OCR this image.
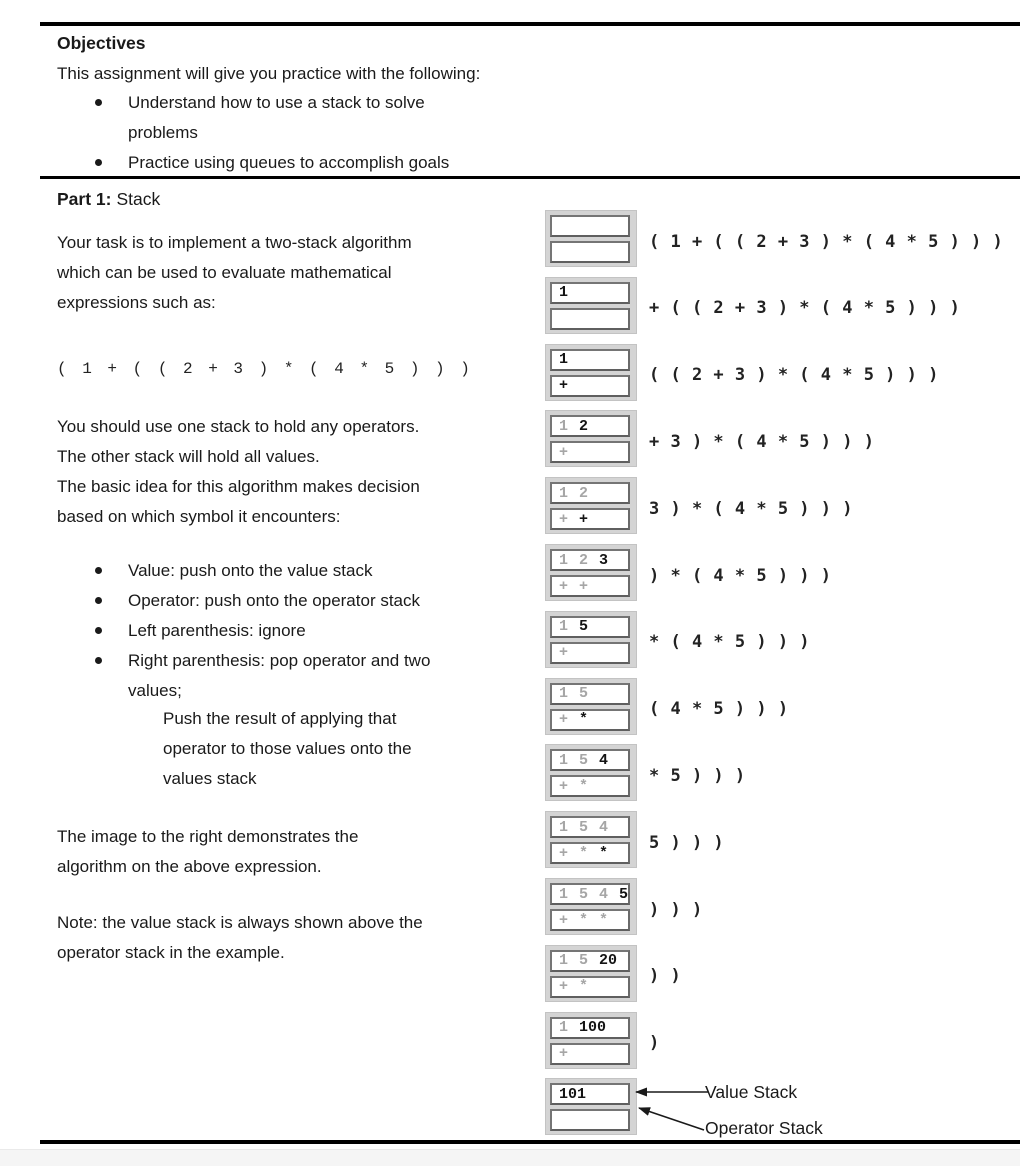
Objectives
This assignment will give you practice with the following:
Understand how to use a stack to solve problems
Practice using queues to accomplish goals
Part 1: Stack
Your task is to implement a two-stack algorithm
which can be used to evaluate mathematical
expressions such as:
( 1 + ( ( 2 + 3 ) * ( 4 * 5 ) ) )
You should use one stack to hold any operators.
The other stack will hold all values.
The basic idea for this algorithm makes decision
based on which symbol it encounters:
Value: push onto the value stack
Operator: push onto the operator stack
Left parenthesis: ignore
Right parenthesis: pop operator and two values;
Push the result of applying that
operator to those values onto the
values stack
The image to the right demonstrates the
algorithm on the above expression.
Note: the value stack is always shown above the
operator stack in the example.
( 1 + ( ( 2 + 3 ) * ( 4 * 5 ) ) )
1
+ ( ( 2 + 3 ) * ( 4 * 5 ) ) )
1
+
( ( 2 + 3 ) * ( 4 * 5 ) ) )
1 2
+
+ 3 ) * ( 4 * 5 ) ) )
1 2
+ +
3 ) * ( 4 * 5 ) ) )
1 2 3
+ +
) * ( 4 * 5 ) ) )
1 5
+
* ( 4 * 5 ) ) )
1 5
+ *
( 4 * 5 ) ) )
1 5 4
+ *
* 5 ) ) )
1 5 4
+ * *
5 ) ) )
1 5 4 5
+ * *
) ) )
1 5 20
+ *
) )
1 100
+
)
101	Value Stack
Operator Stack
